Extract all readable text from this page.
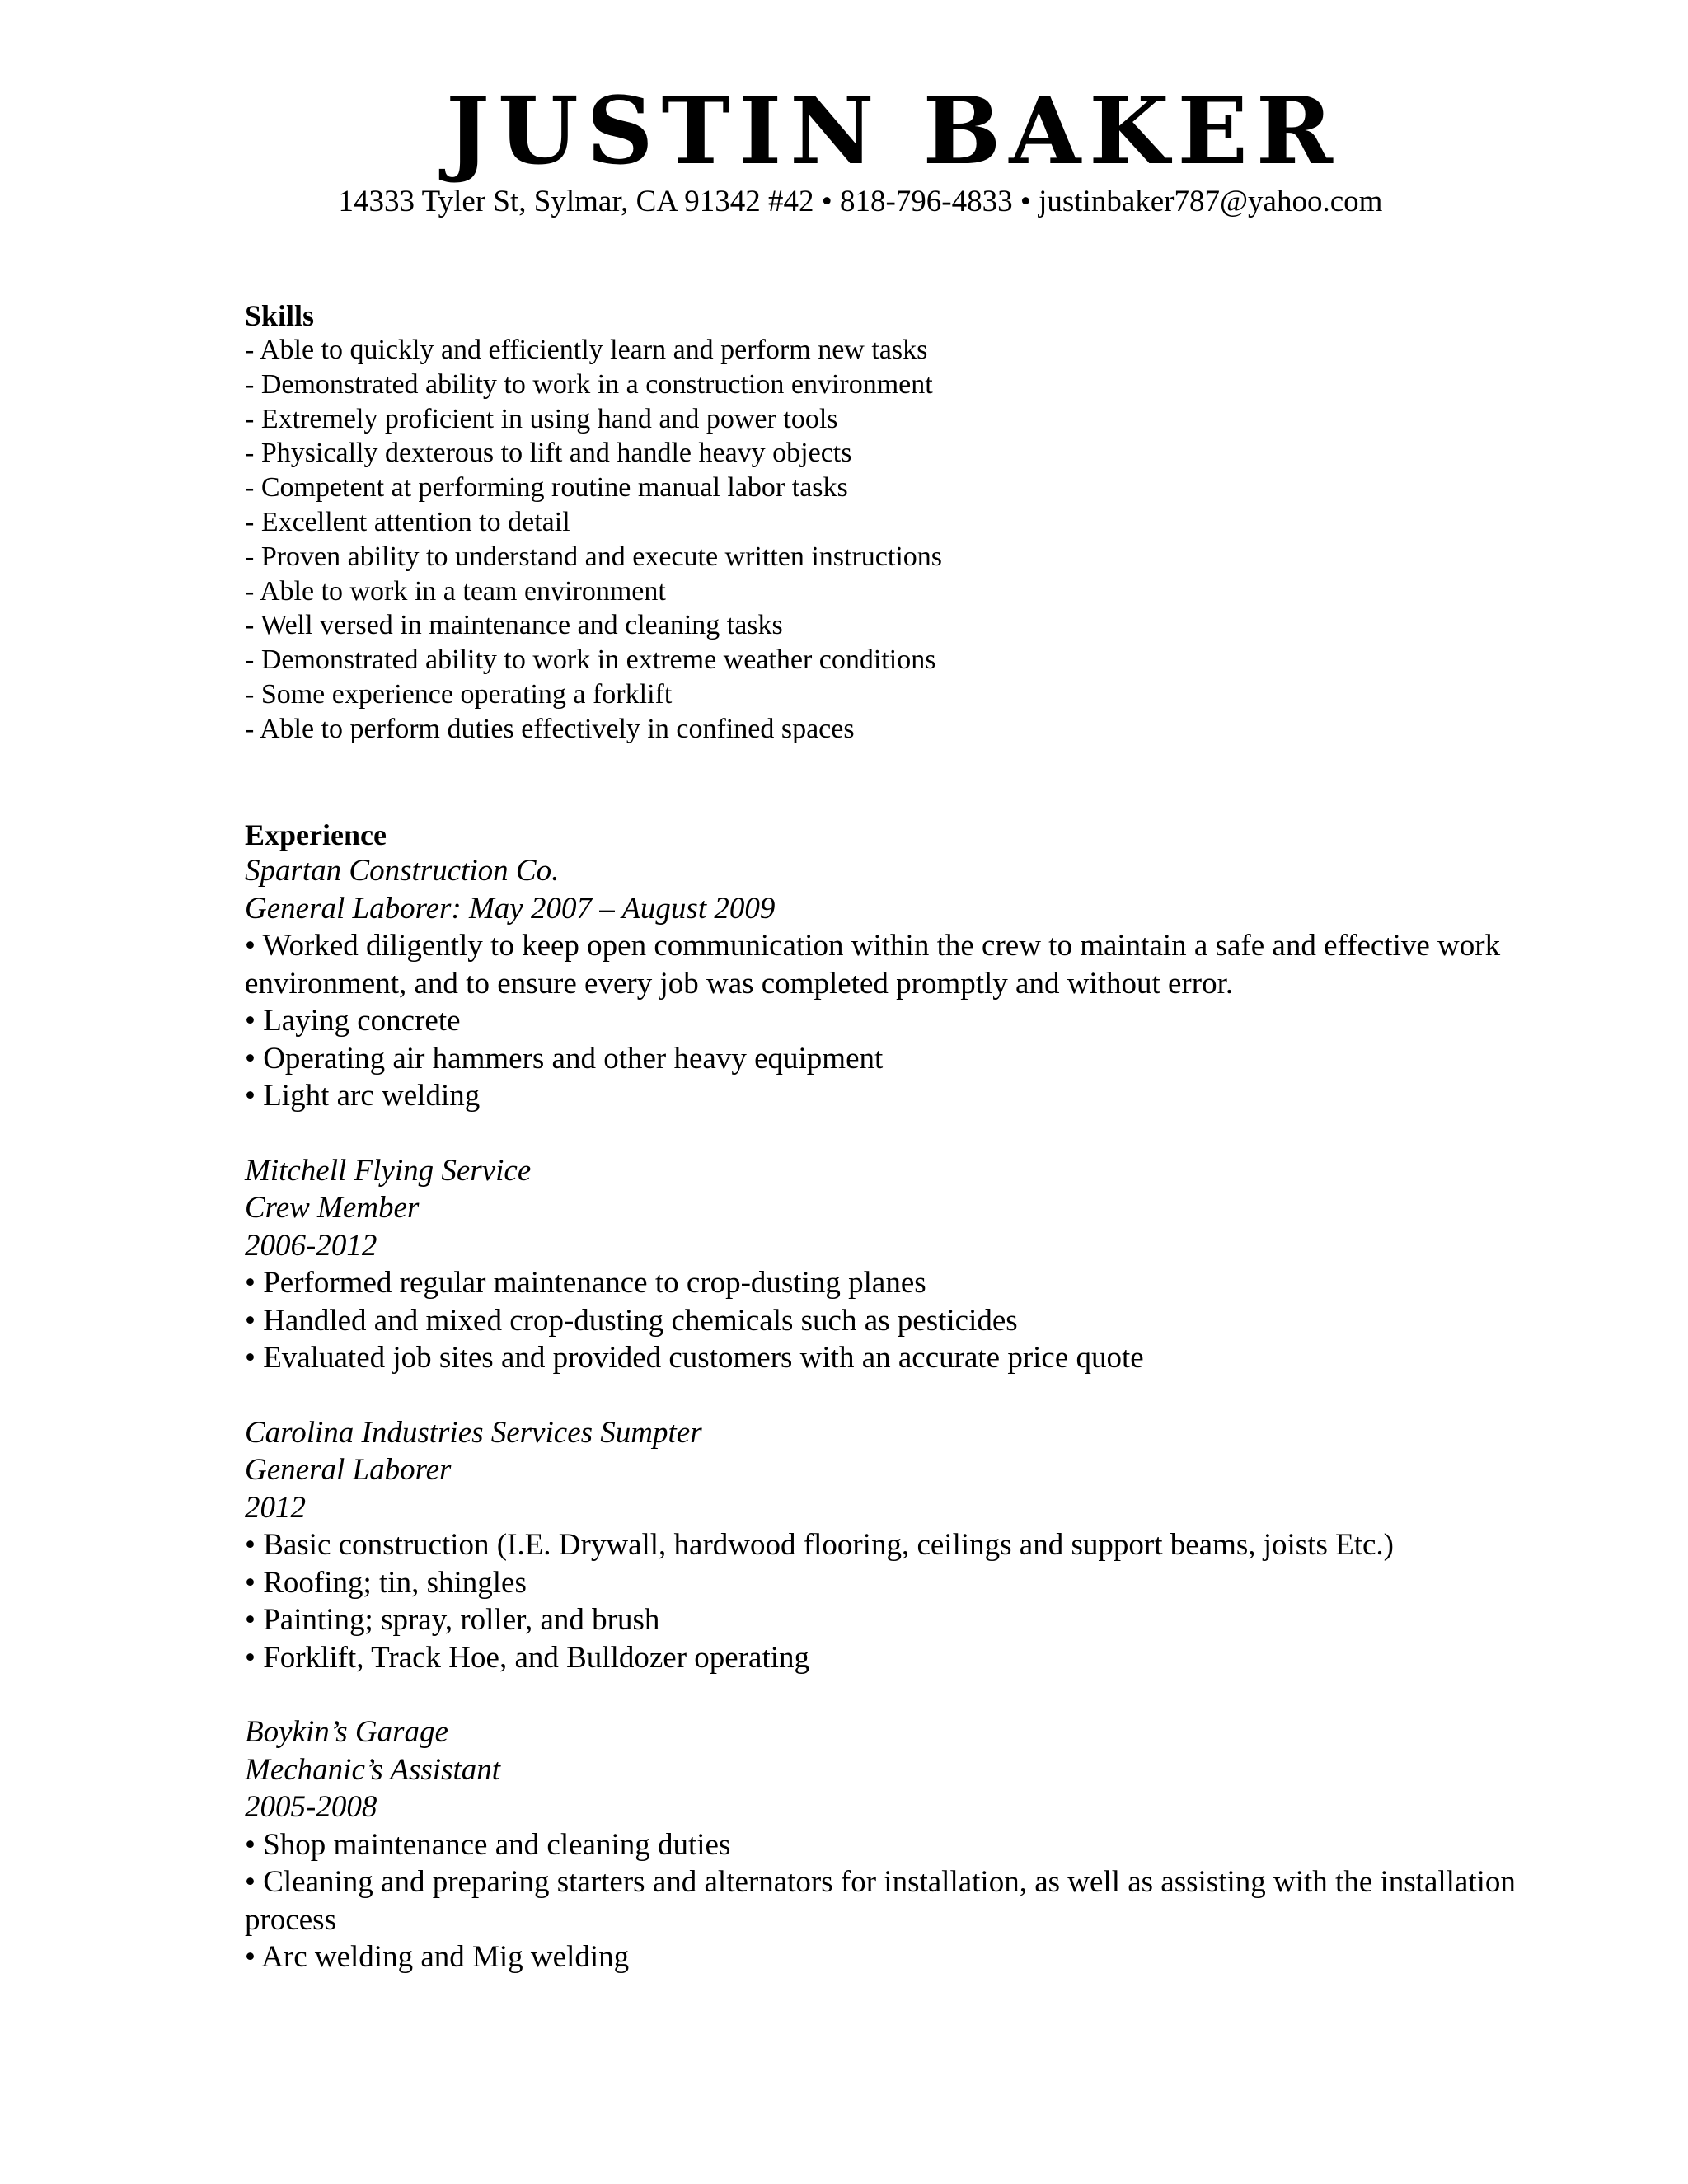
JUSTIN BAKER
14333 Tyler St, Sylmar, CA 91342 #42 • 818-796-4833 • justinbaker787@yahoo.com
Skills
- Able to quickly and efficiently learn and perform new tasks
- Demonstrated ability to work in a construction environment
- Extremely proficient in using hand and power tools
- Physically dexterous to lift and handle heavy objects
- Competent at performing routine manual labor tasks
- Excellent attention to detail
- Proven ability to understand and execute written instructions
- Able to work in a team environment
- Well versed in maintenance and cleaning tasks
- Demonstrated ability to work in extreme weather conditions
- Some experience operating a forklift
- Able to perform duties effectively in confined spaces
Experience
Spartan Construction Co.
General Laborer: May 2007 – August 2009
• Worked diligently to keep open communication within the crew to maintain a safe and effective work environment, and to ensure every job was completed promptly and without error.
• Laying concrete
• Operating air hammers and other heavy equipment
• Light arc welding
Mitchell Flying Service
Crew Member
2006-2012
• Performed regular maintenance to crop-dusting planes
• Handled and mixed crop-dusting chemicals such as pesticides
• Evaluated job sites and provided customers with an accurate price quote
Carolina Industries Services Sumpter
General Laborer
2012
• Basic construction (I.E. Drywall, hardwood flooring, ceilings and support beams, joists Etc.)
• Roofing; tin, shingles
• Painting; spray, roller, and brush
• Forklift, Track Hoe, and Bulldozer operating
Boykin’s Garage
Mechanic’s Assistant
2005-2008
• Shop maintenance and cleaning duties
• Cleaning and preparing starters and alternators for installation, as well as assisting with the installation process
• Arc welding and Mig welding
